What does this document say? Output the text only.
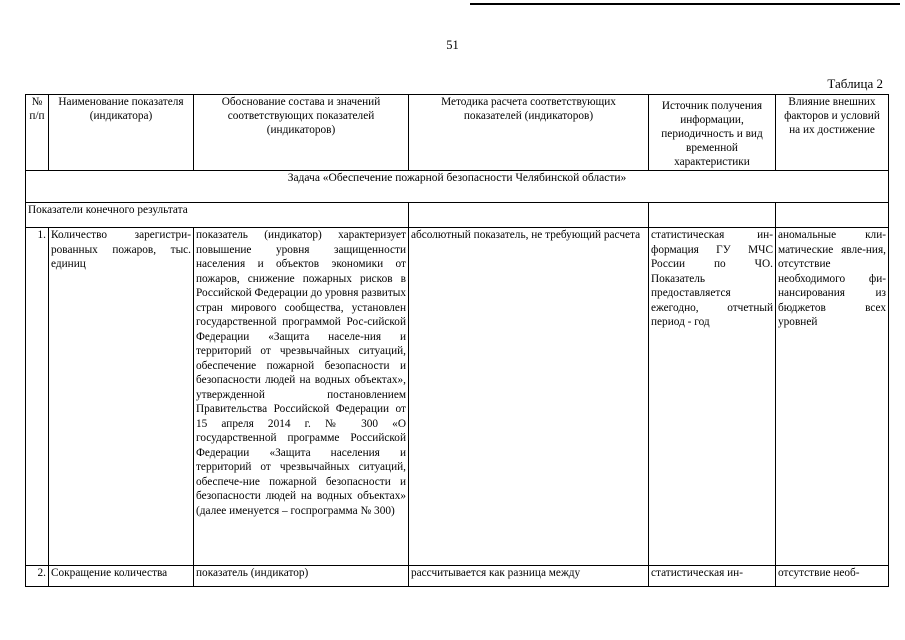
51
Таблица 2
№ п/п	Наименование показателя (индикатора)	Обоснование состава и значений соответствующих показателей (индикаторов)	Методика расчета соответствующих показателей (индикаторов)	Источник получения информации, периодичность и вид временной характеристики	Влияние внешних факторов и условий на их достижение
Задача «Обеспечение пожарной безопасности Челябинской области»					
Показатели конечного результата					
1.	Количество зарегистри-рованных пожаров, тыс. единиц	показатель (индикатор) характеризует повышение уровня защищенности населения и объектов экономики от пожаров, снижение пожарных рисков в Российской Федерации до уровня развитых стран мирового сообщества, установлен государственной программой Рос-сийской Федерации «Защита населе-ния и территорий от чрезвычайных ситуаций, обеспечение пожарной безопасности и безопасности людей на водных объектах», утвержденной постановлением Правительства Российской Федерации от 15 апреля 2014 г. № 300 «О государственной программе Российской Федерации «Защита населения и территорий от чрезвычайных ситуаций, обеспече-ние пожарной безопасности и безопасности людей на водных объектах» (далее именуется – госпрограмма № 300)	абсолютный показатель, не требующий расчета	статистическая ин-формация ГУ МЧС России по ЧО. Показатель предоставляется ежегодно, отчетный период - год	аномальные кли-матические явле-ния, отсутствие необходимого фи-нансирования из бюджетов всех уровней
2.	Сокращение количества	показатель (индикатор)	рассчитывается как разница между	статистическая ин-	отсутствие необ-
